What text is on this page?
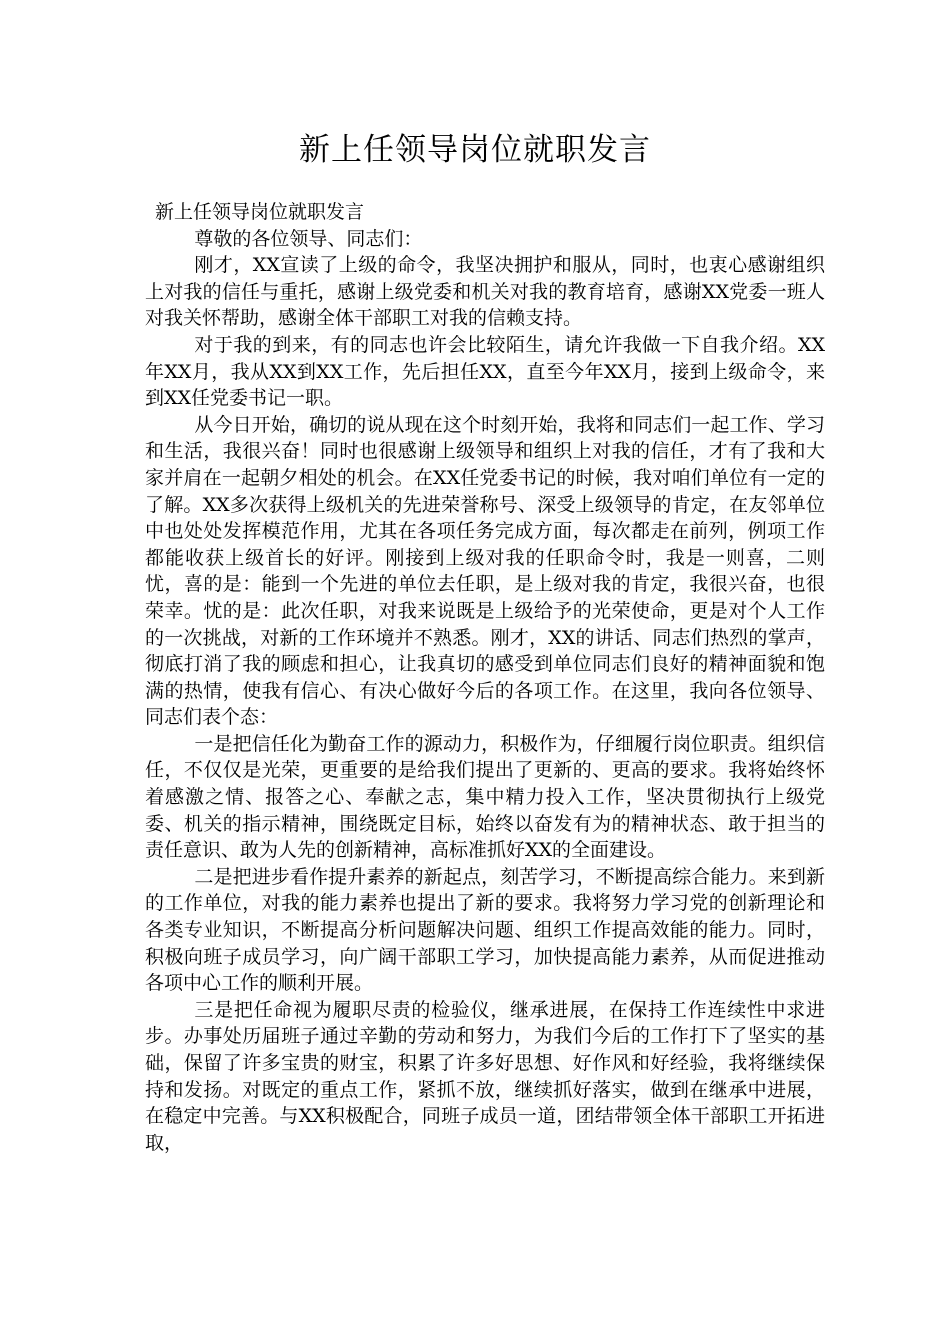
新上任领导岗位就职发言

新上任领导岗位就职发言

尊敬的各位领导、同志们：

刚才，XX宣读了上级的命令，我坚决拥护和服从，同时，也衷心感谢组织上对我的信任与重托，感谢上级党委和机关对我的教育培育，感谢XX党委一班人对我关怀帮助，感谢全体干部职工对我的信赖支持。

对于我的到来，有的同志也许会比较陌生，请允许我做一下自我介绍。XX年XX月，我从XX到XX工作，先后担任XX，直至今年XX月，接到上级命令，来到XX任党委书记一职。

从今日开始，确切的说从现在这个时刻开始，我将和同志们一起工作、学习和生活，我很兴奋！同时也很感谢上级领导和组织上对我的信任，才有了我和大家并肩在一起朝夕相处的机会。在XX任党委书记的时候，我对咱们单位有一定的了解。XX多次获得上级机关的先进荣誉称号、深受上级领导的肯定，在友邻单位中也处处发挥模范作用，尤其在各项任务完成方面，每次都走在前列，例项工作都能收获上级首长的好评。刚接到上级对我的任职命令时，我是一则喜，二则忧，喜的是：能到一个先进的单位去任职，是上级对我的肯定，我很兴奋，也很荣幸。忧的是：此次任职，对我来说既是上级给予的光荣使命，更是对个人工作的一次挑战，对新的工作环境并不熟悉。刚才，XX的讲话、同志们热烈的掌声，彻底打消了我的顾虑和担心，让我真切的感受到单位同志们良好的精神面貌和饱满的热情，使我有信心、有决心做好今后的各项工作。在这里，我向各位领导、同志们表个态：

一是把信任化为勤奋工作的源动力，积极作为，仔细履行岗位职责。组织信任，不仅仅是光荣，更重要的是给我们提出了更新的、更高的要求。我将始终怀着感激之情、报答之心、奉献之志，集中精力投入工作，坚决贯彻执行上级党委、机关的指示精神，围绕既定目标，始终以奋发有为的精神状态、敢于担当的责任意识、敢为人先的创新精神，高标准抓好XX的全面建设。

二是把进步看作提升素养的新起点，刻苦学习，不断提高综合能力。来到新的工作单位，对我的能力素养也提出了新的要求。我将努力学习党的创新理论和各类专业知识，不断提高分析问题解决问题、组织工作提高效能的能力。同时，积极向班子成员学习，向广阔干部职工学习，加快提高能力素养，从而促进推动各项中心工作的顺利开展。

三是把任命视为履职尽责的检验仪，继承进展，在保持工作连续性中求进步。办事处历届班子通过辛勤的劳动和努力，为我们今后的工作打下了坚实的基础，保留了许多宝贵的财宝，积累了许多好思想、好作风和好经验，我将继续保持和发扬。对既定的重点工作，紧抓不放，继续抓好落实，做到在继承中进展，在稳定中完善。与XX积极配合，同班子成员一道，团结带领全体干部职工开拓进取，
